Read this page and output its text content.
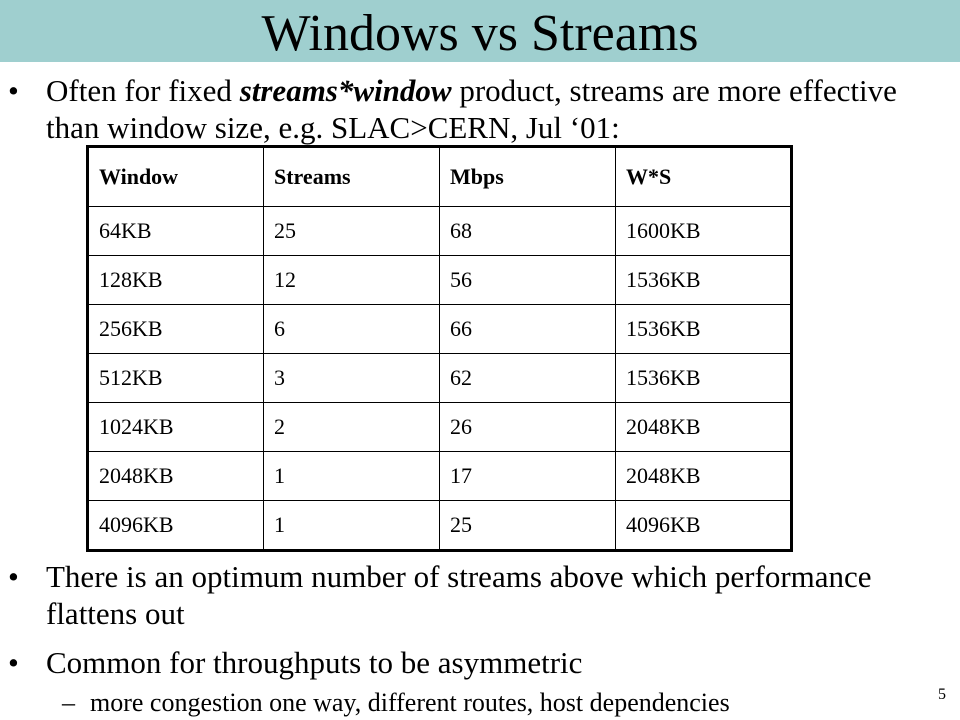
Windows vs Streams
• Often for fixed streams*window product, streams are more effective than window size, e.g. SLAC>CERN, Jul ‘01:
Window	Streams	Mbps	W*S
64KB	25	68	1600KB
128KB	12	56	1536KB
256KB	6	66	1536KB
512KB	3	62	1536KB
1024KB	2	26	2048KB
2048KB	1	17	2048KB
4096KB	1	25	4096KB
• There is an optimum number of streams above which performance flattens out
• Common for throughputs to be asymmetric
– more congestion one way, different routes, host dependencies	5
